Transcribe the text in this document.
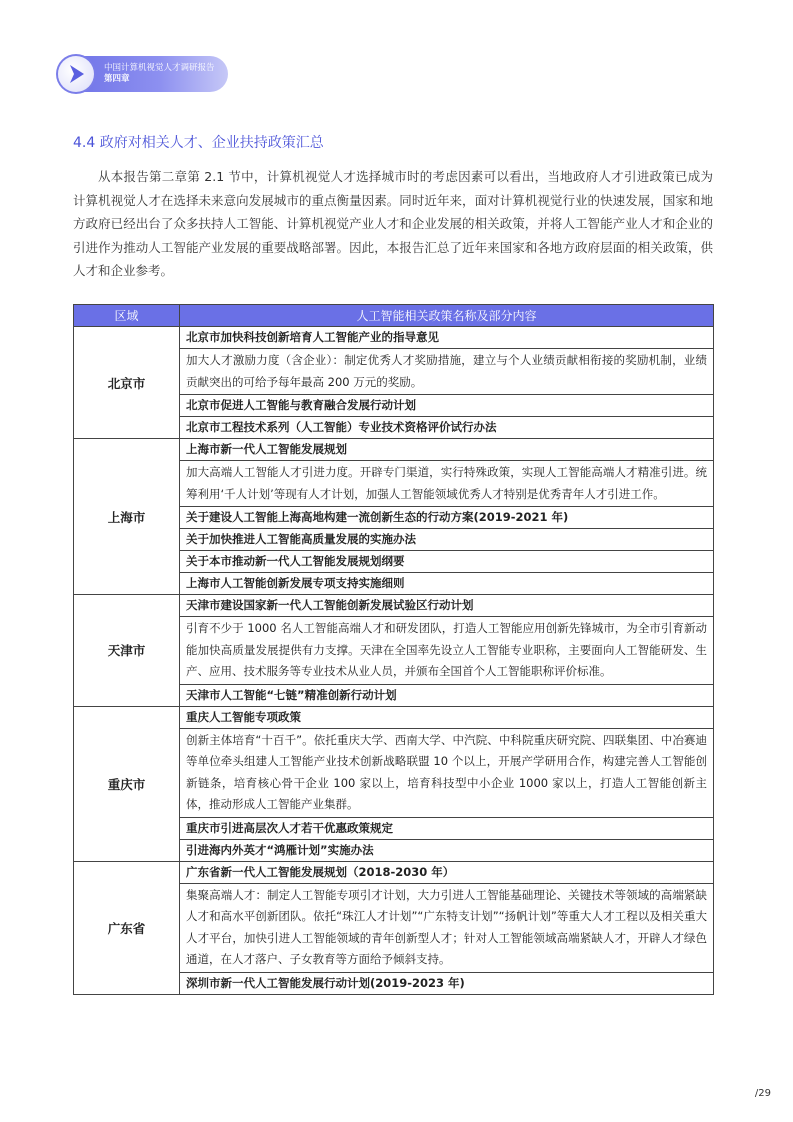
中国计算机视觉人才调研报告
第四章
4.4 政府对相关人才、企业扶持政策汇总

从本报告第二章第 2.1 节中，计算机视觉人才选择城市时的考虑因素可以看出，当地政府人才引进政策已成为计算机视觉人才在选择未来意向发展城市的重点衡量因素。同时近年来，面对计算机视觉行业的快速发展，国家和地方政府已经出台了众多扶持人工智能、计算机视觉产业人才和企业发展的相关政策，并将人工智能产业人才和企业的引进作为推动人工智能产业发展的重要战略部署。因此，本报告汇总了近年来国家和各地方政府层面的相关政策，供人才和企业参考。

区域	人工智能相关政策名称及部分内容
北京市	北京市加快科技创新培育人工智能产业的指导意见
	加大人才激励力度（含企业）：制定优秀人才奖励措施，建立与个人业绩贡献相衔接的奖励机制，业绩贡献突出的可给予每年最高 200 万元的奖励。
	北京市促进人工智能与教育融合发展行动计划
	北京市工程技术系列（人工智能）专业技术资格评价试行办法
上海市	上海市新一代人工智能发展规划
	加大高端人工智能人才引进力度。开辟专门渠道，实行特殊政策，实现人工智能高端人才精准引进。统筹利用‘千人计划’等现有人才计划，加强人工智能领域优秀人才特别是优秀青年人才引进工作。
	关于建设人工智能上海高地构建一流创新生态的行动方案(2019-2021 年)
	关于加快推进人工智能高质量发展的实施办法
	关于本市推动新一代人工智能发展规划纲要
	上海市人工智能创新发展专项支持实施细则
天津市	天津市建设国家新一代人工智能创新发展试验区行动计划
	引育不少于 1000 名人工智能高端人才和研发团队，打造人工智能应用创新先锋城市，为全市引育新动能加快高质量发展提供有力支撑。天津在全国率先设立人工智能专业职称，主要面向人工智能研发、生产、应用、技术服务等专业技术从业人员，并颁布全国首个人工智能职称评价标准。
	天津市人工智能“七链”精准创新行动计划
重庆市	重庆人工智能专项政策
	创新主体培育“十百千”。依托重庆大学、西南大学、中汽院、中科院重庆研究院、四联集团、中冶赛迪等单位牵头组建人工智能产业技术创新战略联盟 10 个以上，开展产学研用合作，构建完善人工智能创新链条，培育核心骨干企业 100 家以上，培育科技型中小企业 1000 家以上，打造人工智能创新主体，推动形成人工智能产业集群。
	重庆市引进高层次人才若干优惠政策规定
	引进海内外英才“鸿雁计划”实施办法
广东省	广东省新一代人工智能发展规划（2018-2030 年）
	集聚高端人才：制定人工智能专项引才计划，大力引进人工智能基础理论、关键技术等领域的高端紧缺人才和高水平创新团队。依托“珠江人才计划”“广东特支计划”“扬帆计划”等重大人才工程以及相关重大人才平台，加快引进人工智能领域的青年创新型人才；针对人工智能领域高端紧缺人才，开辟人才绿色通道，在人才落户、子女教育等方面给予倾斜支持。
	深圳市新一代人工智能发展行动计划(2019-2023 年)
/29
